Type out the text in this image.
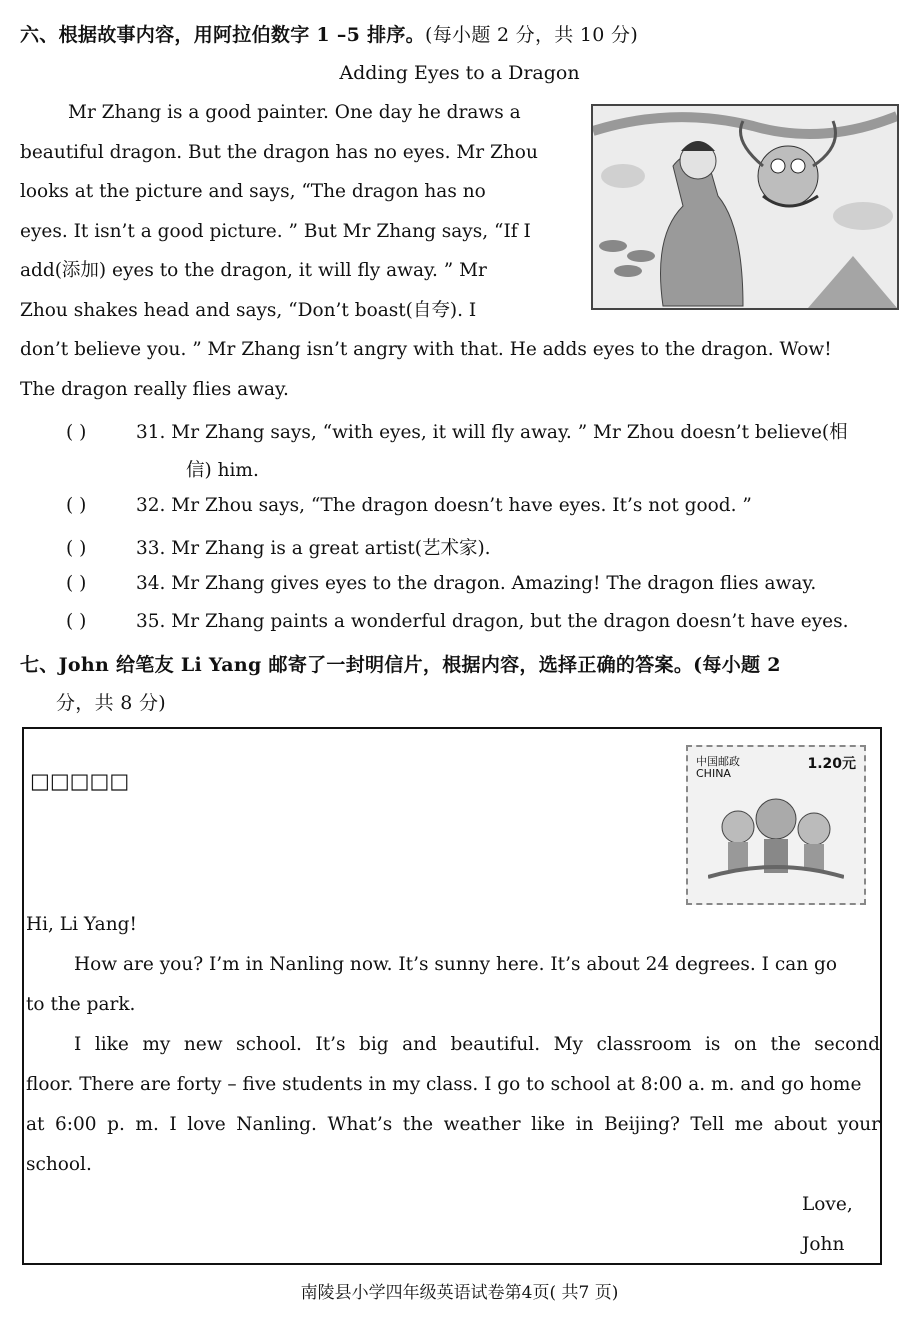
六、根据故事内容，用阿拉伯数字 1 –5 排序。(每小题 2 分，共 10 分)
Adding Eyes to a Dragon

Mr Zhang is a good painter. One day he draws a

beautiful dragon. But the dragon has no eyes. Mr Zhou

looks at the picture and says, “The dragon has no

eyes. It isn’t a good picture. ” But Mr Zhang says, “If I

add(添加) eyes to the dragon, it will fly away. ” Mr

Zhou shakes head and says, “Don’t boast(自夸). I

don’t believe you. ” Mr Zhang isn’t angry with that. He adds eyes to the dragon. Wow!

The dragon really flies away.

( )	31. Mr Zhang says, “with eyes, it will fly away. ” Mr Zhou doesn’t believe(相
信) him.
( )	32. Mr Zhou says, “The dragon doesn’t have eyes. It’s not good. ”
( )	33. Mr Zhang is a great artist(艺术家).
( )	34. Mr Zhang gives eyes to the dragon. Amazing! The dragon flies away.
( )	35. Mr Zhang paints a wonderful dragon, but the dragon doesn’t have eyes.
七、John 给笔友 Li Yang 邮寄了一封明信片，根据内容，选择正确的答案。(每小题 2
分，共 8 分)
□□□□□
中国邮政
CHINA
1.20元
Hi, Li Yang!
How are you? I’m in Nanling now. It’s sunny here. It’s about 24 degrees. I can go
to the park.
I like my new school. It’s big and beautiful. My classroom is on the second
floor. There are forty – five students in my class. I go to school at 8:00 a. m. and go home
at 6:00 p. m. I love Nanling. What’s the weather like in Beijing? Tell me about your
school.
Love,
John
南陵县小学四年级英语试卷第4页( 共7 页)
